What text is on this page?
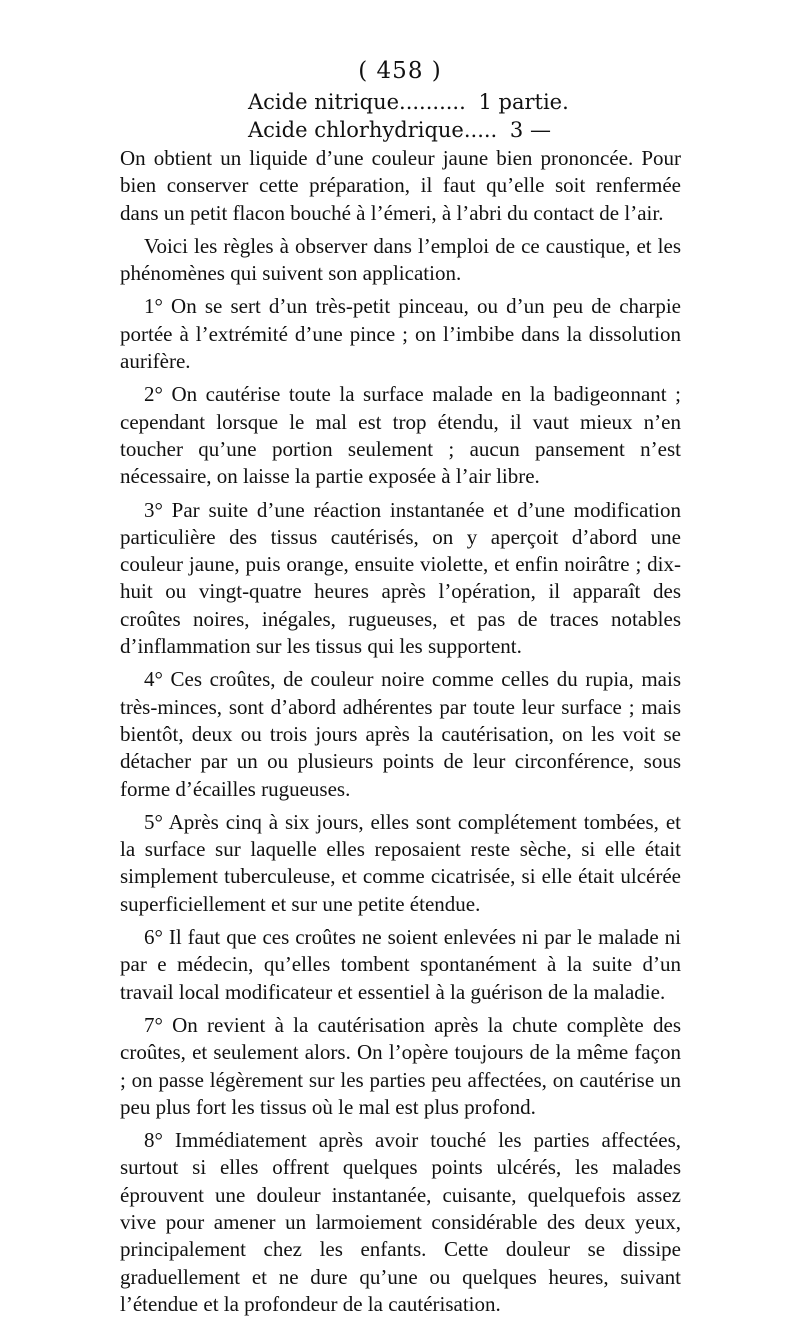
( 458 )
Acide nitrique.......... 1 partie.
Acide chlorhydrique..... 3 —

On obtient un liquide d’une couleur jaune bien prononcée. Pour bien conserver cette préparation, il faut qu’elle soit renfermée dans un petit flacon bouché à l’émeri, à l’abri du contact de l’air.

Voici les règles à observer dans l’emploi de ce caustique, et les phénomènes qui suivent son application.

1° On se sert d’un très-petit pinceau, ou d’un peu de charpie portée à l’extrémité d’une pince ; on l’imbibe dans la dissolution aurifère.

2° On cautérise toute la surface malade en la badigeonnant ; cependant lorsque le mal est trop étendu, il vaut mieux n’en toucher qu’une portion seulement ; aucun pansement n’est nécessaire, on laisse la partie exposée à l’air libre.

3° Par suite d’une réaction instantanée et d’une modification particulière des tissus cautérisés, on y aperçoit d’abord une couleur jaune, puis orange, ensuite violette, et enfin noirâtre ; dix-huit ou vingt-quatre heures après l’opération, il apparaît des croûtes noires, inégales, rugueuses, et pas de traces notables d’inflammation sur les tissus qui les supportent.

4° Ces croûtes, de couleur noire comme celles du rupia, mais très-minces, sont d’abord adhérentes par toute leur surface ; mais bientôt, deux ou trois jours après la cautérisation, on les voit se détacher par un ou plusieurs points de leur circonférence, sous forme d’écailles rugueuses.

5° Après cinq à six jours, elles sont complétement tombées, et la surface sur laquelle elles reposaient reste sèche, si elle était simplement tuberculeuse, et comme cicatrisée, si elle était ulcérée superficiellement et sur une petite étendue.

6° Il faut que ces croûtes ne soient enlevées ni par le malade ni par e médecin, qu’elles tombent spontanément à la suite d’un travail local modificateur et essentiel à la guérison de la maladie.

7° On revient à la cautérisation après la chute complète des croûtes, et seulement alors. On l’opère toujours de la même façon ; on passe légèrement sur les parties peu affectées, on cautérise un peu plus fort les tissus où le mal est plus profond.

8° Immédiatement après avoir touché les parties affectées, surtout si elles offrent quelques points ulcérés, les malades éprouvent une douleur instantanée, cuisante, quelquefois assez vive pour amener un larmoiement considérable des deux yeux, principalement chez les enfants. Cette douleur se dissipe graduellement et ne dure qu’une ou quelques heures, suivant l’étendue et la profondeur de la cautérisation.
